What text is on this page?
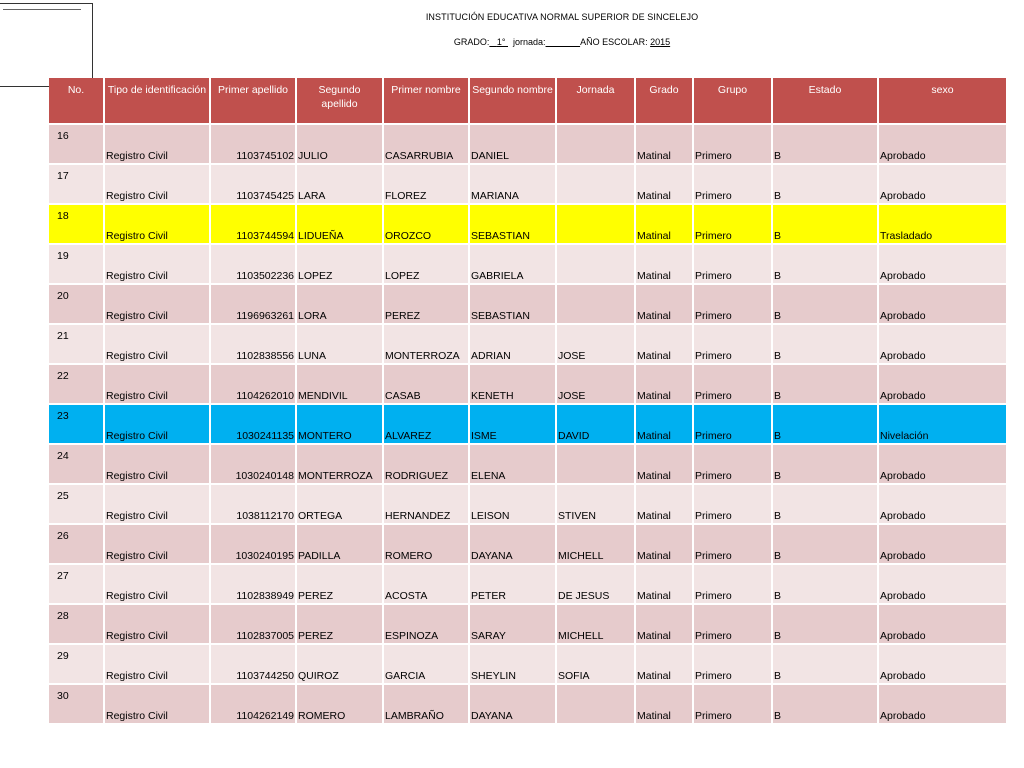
▬▬▬▬▬▬▬▬▬▬▬▬▬▬▬▬▬▬▬▬▬▬▬▬▬▬
INSTITUCIÓN EDUCATIVA NORMAL SUPERIOR DE SINCELEJO
GRADO: 1° jornada:	AÑO ESCOLAR: 2015
No.	Tipo de identificación	Primer apellido	Segundo apellido	Primer nombre	Segundo nombre	Jornada	Grado	Grupo	Estado	sexo

16	Registro Civil	1103745102	JULIO	CASARRUBIA	DANIEL		Matinal	Primero	B	Aprobado

17	Registro Civil	1103745425	LARA	FLOREZ	MARIANA		Matinal	Primero	B	Aprobado

18	Registro Civil	1103744594	LIDUEÑA	OROZCO	SEBASTIAN		Matinal	Primero	B	Trasladado

19	Registro Civil	1103502236	LOPEZ	LOPEZ	GABRIELA		Matinal	Primero	B	Aprobado

20	Registro Civil	1196963261	LORA	PEREZ	SEBASTIAN		Matinal	Primero	B	Aprobado

21	Registro Civil	1102838556	LUNA	MONTERROZA	ADRIAN	JOSE	Matinal	Primero	B	Aprobado

22	Registro Civil	1104262010	MENDIVIL	CASAB	KENETH	JOSE	Matinal	Primero	B	Aprobado

23	Registro Civil	1030241135	MONTERO	ALVAREZ	ISME	DAVID	Matinal	Primero	B	Nivelación

24	Registro Civil	1030240148	MONTERROZA	RODRIGUEZ	ELENA		Matinal	Primero	B	Aprobado

25	Registro Civil	1038112170	ORTEGA	HERNANDEZ	LEISON	STIVEN	Matinal	Primero	B	Aprobado

26	Registro Civil	1030240195	PADILLA	ROMERO	DAYANA	MICHELL	Matinal	Primero	B	Aprobado

27	Registro Civil	1102838949	PEREZ	ACOSTA	PETER	DE JESUS	Matinal	Primero	B	Aprobado

28	Registro Civil	1102837005	PEREZ	ESPINOZA	SARAY	MICHELL	Matinal	Primero	B	Aprobado

29	Registro Civil	1103744250	QUIROZ	GARCIA	SHEYLIN	SOFIA	Matinal	Primero	B	Aprobado

30	Registro Civil	1104262149	ROMERO	LAMBRAÑO	DAYANA		Matinal	Primero	B	Aprobado
